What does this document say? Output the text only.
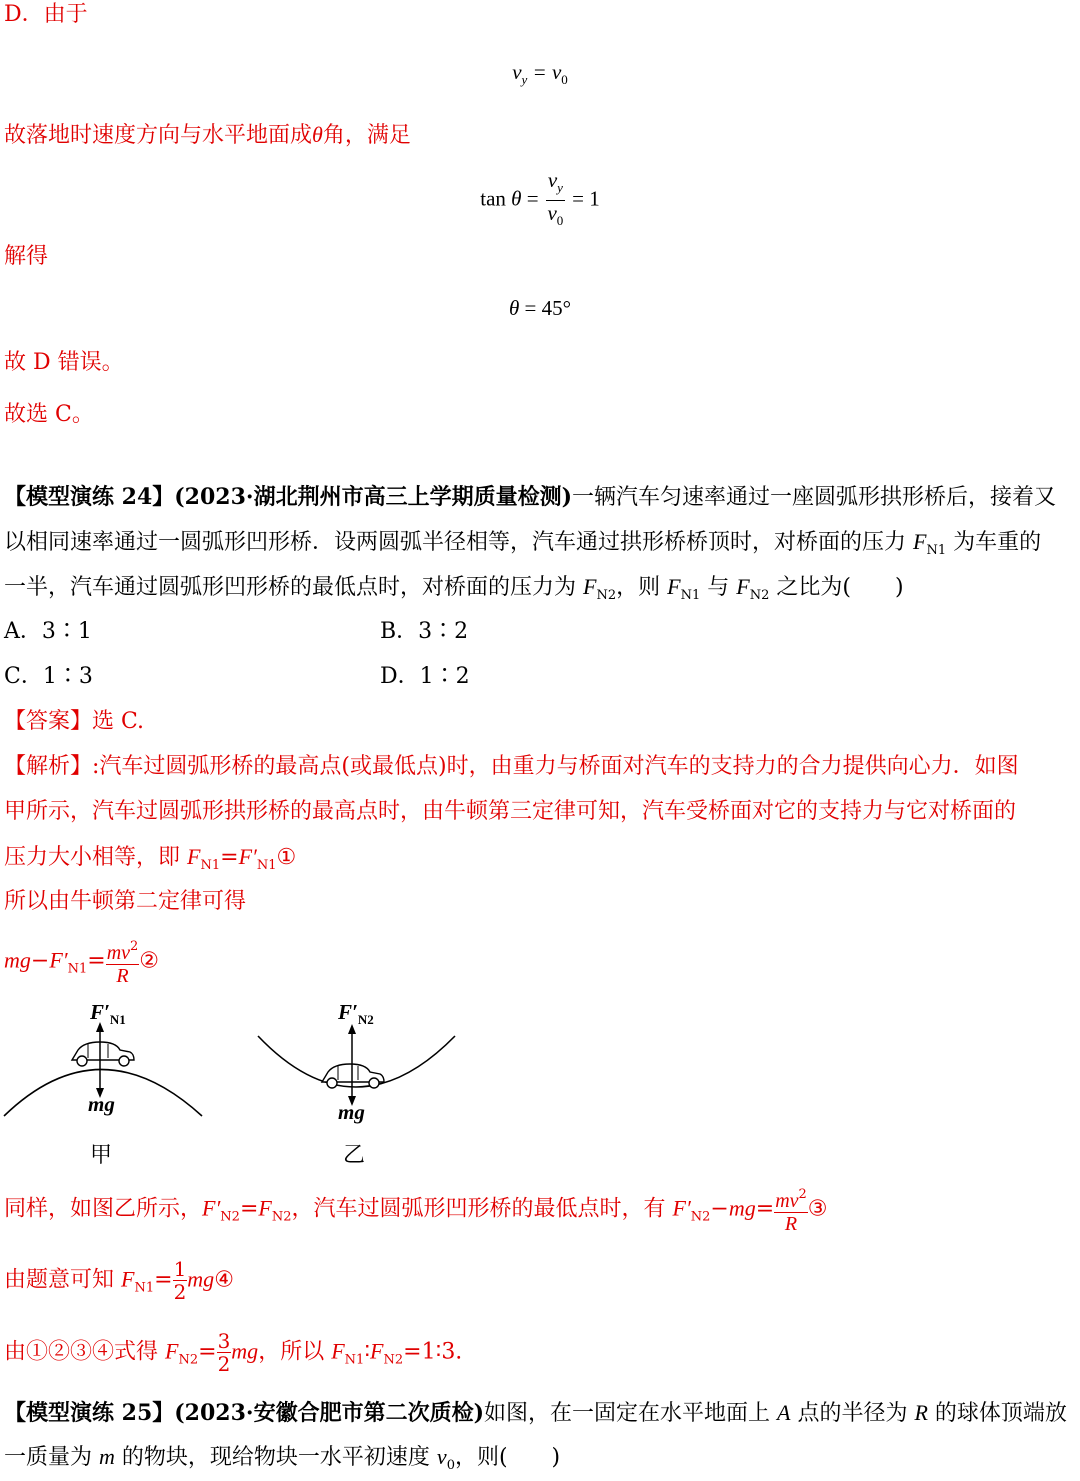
D．由于
$v_y = v_0$
故落地时速度方向与水平地面成θ角，满足
$\tan \theta = \frac{v_y}{v_0} = 1$
解得
θ = 45°
故 D 错误。
故选 C。
【模型演练 24】(2023·湖北荆州市高三上学期质量检测)一辆汽车匀速率通过一座圆弧形拱形桥后，接着又
以相同速率通过一圆弧形凹形桥．设两圆弧半径相等，汽车通过拱形桥桥顶时，对桥面的压力 $F_{N1}$ 为车重的
一半，汽车通过圆弧形凹形桥的最低点时，对桥面的压力为 $F_{N2}$，则 $F_{N1}$ 与 $F_{N2}$ 之比为(　　)
A．3∶1	B．3∶2
C．1∶3	D．1∶2
【答案】选 C.
【解析】:汽车过圆弧形桥的最高点(或最低点)时，由重力与桥面对汽车的支持力的合力提供向心力．如图
甲所示，汽车过圆弧形拱形桥的最高点时，由牛顿第三定律可知，汽车受桥面对它的支持力与它对桥面的
压力大小相等，即 $F_{N1}=F'_{N1}①$
所以由牛顿第二定律可得
$mg-F'_{N1}= \frac{mv^2}{R}$ ②
$F'_{N1}$
mg
甲
$F'_{N2}$
mg
乙
同样，如图乙所示，$F'_{N2}=F_{N2}$，汽车过圆弧形凹形桥的最低点时，有 $F'_{N2}-mg= \frac{mv^2}{R}$ ③
由题意可知 $F_{N1}= \frac{1}{2}$ mg④
由①②③④式得 $F_{N2}= \frac{3}{2}$ mg，所以 $F_{N1}∶F_{N2}=1∶3$.
【模型演练 25】(2023·安徽合肥市第二次质检)如图，在一固定在水平地面上 A 点的半径为 R 的球体顶端放
一质量为 m 的物块，现给物块一水平初速度 $v_0$，则(　　)
